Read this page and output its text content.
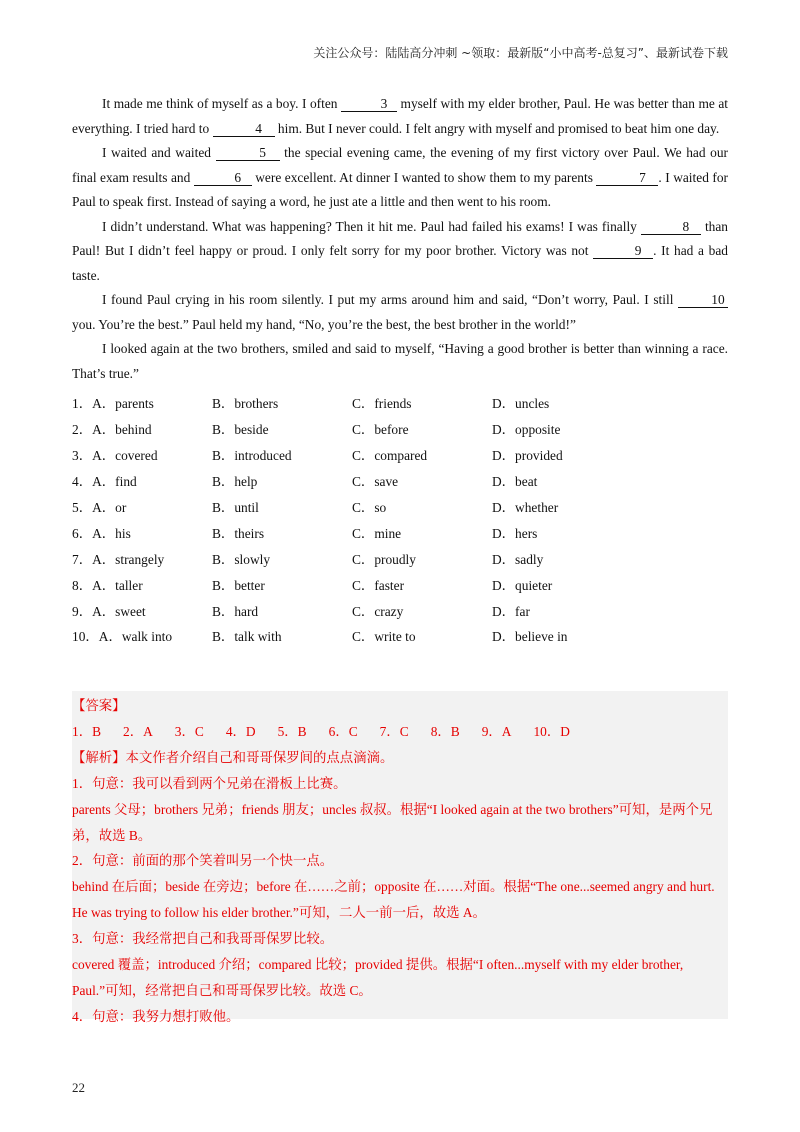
关注公众号：陆陆高分冲刺 ~领取：最新版“小中高考-总复习”、最新试卷下载

It made me think of myself as a boy. I often	3 myself with my elder brother, Paul. He was better than me at everything. I tried hard to	4 him. But I never could. I felt angry with myself and promised to beat him one day.

I waited and waited	5 the special evening came, the evening of my first victory over Paul. We had our final exam results and	6 were excellent. At dinner I wanted to show them to my parents	7 . I waited for Paul to speak first. Instead of saying a word, he just ate a little and then went to his room.

I didn’t understand. What was happening? Then it hit me. Paul had failed his exams! I was finally	8 than Paul! But I didn’t feel happy or proud. I only felt sorry for my poor brother. Victory was not	9 . It had a bad taste.

I found Paul crying in his room silently. I put my arms around him and said, “Don’t worry, Paul. I still 10 you. You’re the best.” Paul held my hand, “No, you’re the best, the best brother in the world!”

I looked again at the two brothers, smiled and said to myself, “Having a good brother is better than winning a race. That’s true.”

1．A．parents	B．brothers	C．friends	D．uncles
2．A．behind	B．beside	C．before	D．opposite
3．A．covered	B．introduced	C．compared	D．provided
4．A．find	B．help	C．save	D．beat
5．A．or	B．until	C．so	D．whether
6．A．his	B．theirs	C．mine	D．hers
7．A．strangely	B．slowly	C．proudly	D．sadly
8．A．taller	B．better	C．faster	D．quieter
9．A．sweet	B．hard	C．crazy	D．far
10．A．walk into	B．talk with	C．write to	D．believe in
【答案】
1．B 2．A 3．C 4．D 5．B 6．C 7．C 8．B 9．A 10．D
【解析】本文作者介绍自己和哥哥保罗间的点点滴滴。
1．句意：我可以看到两个兄弟在滑板上比赛。
parents 父母；brothers 兄弟；friends 朋友；uncles 叔叔。根据“I looked again at the two brothers”可知，是两个兄弟，故选 B。
2．句意：前面的那个笑着叫另一个快一点。
behind 在后面；beside 在旁边；before 在……之前；opposite 在……对面。根据“The one...seemed angry and hurt. He was trying to follow his elder brother.”可知，二人一前一后，故选 A。
3．句意：我经常把自己和我哥哥保罗比较。
covered 覆盖；introduced 介绍；compared 比较；provided 提供。根据“I often...myself with my elder brother, Paul.”可知，经常把自己和哥哥保罗比较。故选 C。
4．句意：我努力想打败他。
22
